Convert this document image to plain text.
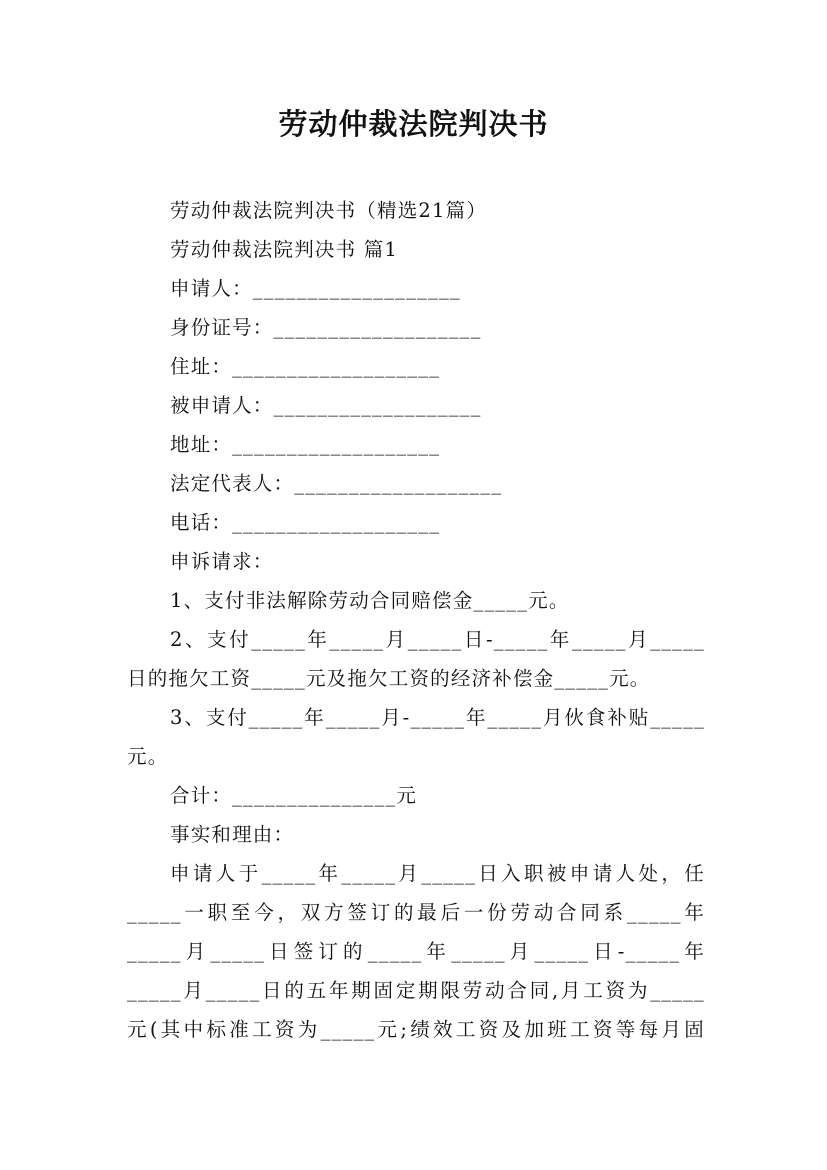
劳动仲裁法院判决书
劳动仲裁法院判决书（精选21篇）
劳动仲裁法院判决书 篇1
申请人：___________________
身份证号：___________________
住址：___________________
被申请人：___________________
地址：___________________
法定代表人：___________________
电话：___________________
申诉请求：
1、支付非法解除劳动合同赔偿金_____元。
2、支付_____年_____月_____日-_____年_____月_____
日的拖欠工资_____元及拖欠工资的经济补偿金_____元。
3、支付_____年_____月-_____年_____月伙食补贴_____
元。
合计：_______________元
事实和理由：
申请人于_____年_____月_____日入职被申请人处，任
_____一职至今，双方签订的最后一份劳动合同系_____年
_____月_____日签订的_____年_____月_____日-_____年
_____月_____日的五年期固定期限劳动合同,月工资为_____
元(其中标准工资为_____元;绩效工资及加班工资等每月固
